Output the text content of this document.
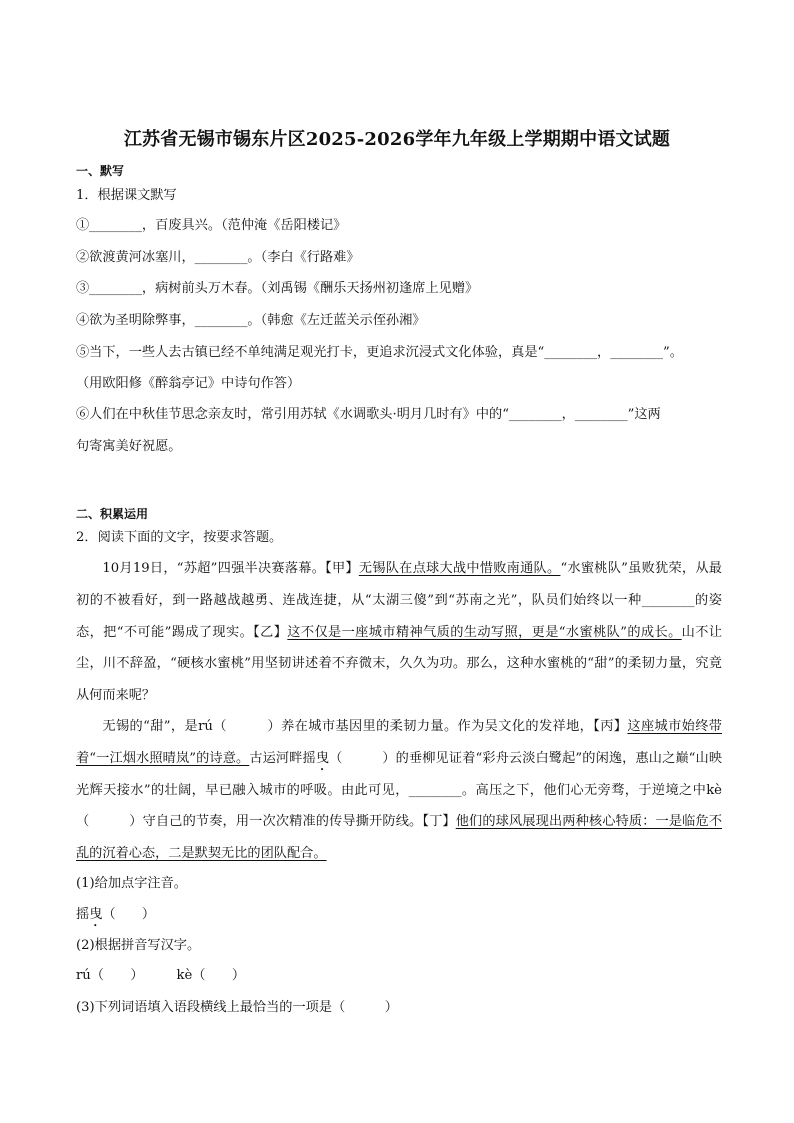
江苏省无锡市锡东片区2025-2026学年九年级上学期期中语文试题
一、默写
1．根据课文默写
①________，百废具兴。（范仲淹《岳阳楼记》
②欲渡黄河冰塞川，________。（李白《行路难》
③________，病树前头万木春。（刘禹锡《酬乐天扬州初逢席上见赠》
④欲为圣明除弊事，________。（韩愈《左迁蓝关示侄孙湘》
⑤当下，一些人去古镇已经不单纯满足观光打卡，更追求沉浸式文化体验，真是“________，________”。
（用欧阳修《醉翁亭记》中诗句作答）
⑥人们在中秋佳节思念亲友时，常引用苏轼《水调歌头·明月几时有》中的“________，________”这两
句寄寓美好祝愿。
二、积累运用
2．阅读下面的文字，按要求答题。
10月19日，“苏超”四强半决赛落幕。【甲】无锡队在点球大战中惜败南通队。“水蜜桃队”虽败犹荣，从最初的不被看好，到一路越战越勇、连战连捷，从“太湖三傻”到“苏南之光”，队员们始终以一种________的姿态，把“不可能”踢成了现实。【乙】这不仅是一座城市精神气质的生动写照，更是“水蜜桃队”的成长。山不让尘，川不辞盈，“硬核水蜜桃”用坚韧讲述着不弃微末，久久为功。那么，这种水蜜桃的“甜”的柔韧力量，究竟从何而来呢？
无锡的“甜”，是rú（　　　）养在城市基因里的柔韧力量。作为吴文化的发祥地，【丙】这座城市始终带着“一江烟水照晴岚”的诗意。古运河畔摇曳（　　　）的垂柳见证着“彩舟云淡白鹭起”的闲逸，惠山之巅“山映光辉天接水”的壮阔，早已融入城市的呼吸。由此可见，________。高压之下，他们心无旁骛，于逆境之中kè（　　　）守自己的节奏，用一次次精准的传导撕开防线。【丁】他们的球风展现出两种核心特质：一是临危不乱的沉着心态，二是默契无比的团队配合。
(1)给加点字注音。
摇曳（　　）
(2)根据拼音写汉字。
rú（　　）　　　kè（　　）
(3)下列词语填入语段横线上最恰当的一项是（　　　）
